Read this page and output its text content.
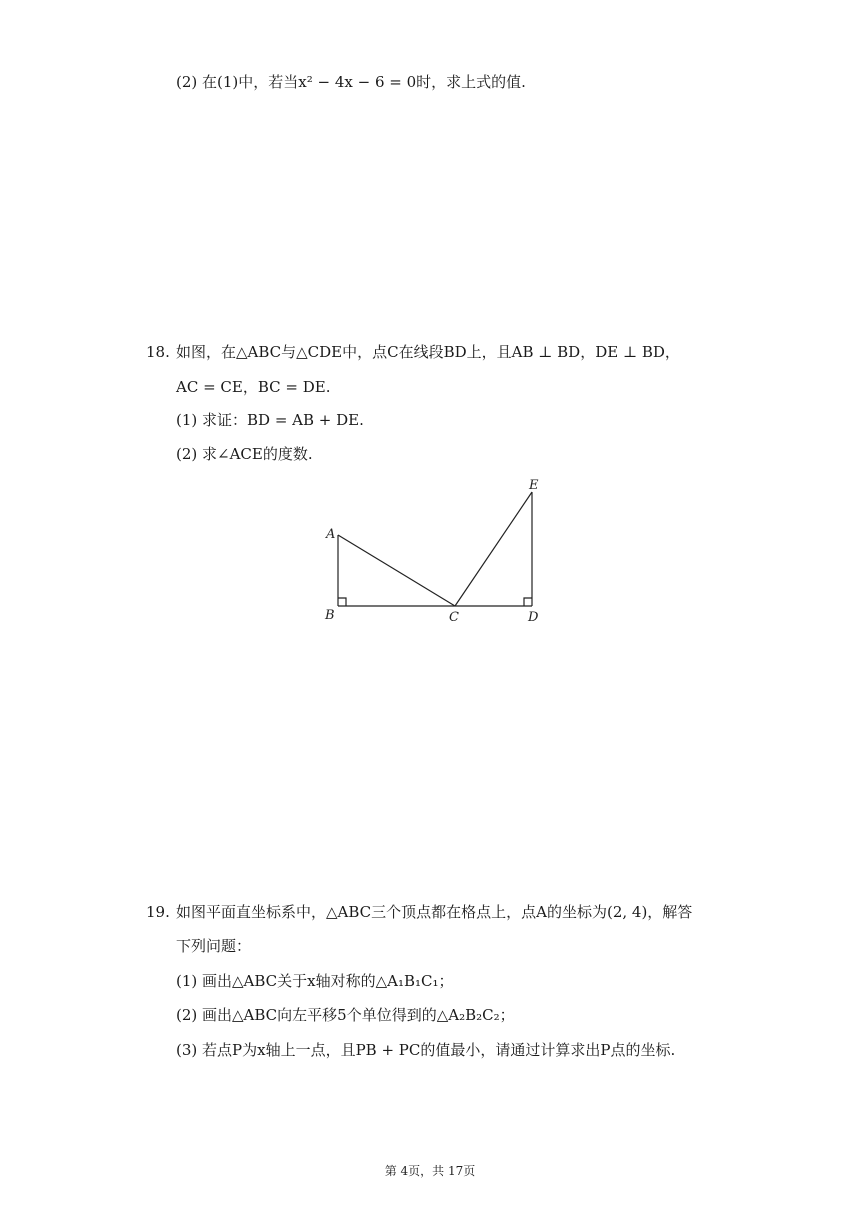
(2) 在(1)中，若当x² − 4x − 6 = 0时，求上式的值.
18. 如图，在△ABC与△CDE中，点C在线段BD上，且AB ⊥ BD，DE ⊥ BD，
AC = CE，BC = DE.
(1) 求证：BD = AB + DE.
(2) 求∠ACE的度数.
A
B	C	D
E
19. 如图平面直坐标系中，△ABC三个顶点都在格点上，点A的坐标为(2, 4)，解答
下列问题：
(1) 画出△ABC关于x轴对称的△A₁B₁C₁；
(2) 画出△ABC向左平移5个单位得到的△A₂B₂C₂；
(3) 若点P为x轴上一点，且PB + PC的值最小，请通过计算求出P点的坐标.
第 4页，共 17页
